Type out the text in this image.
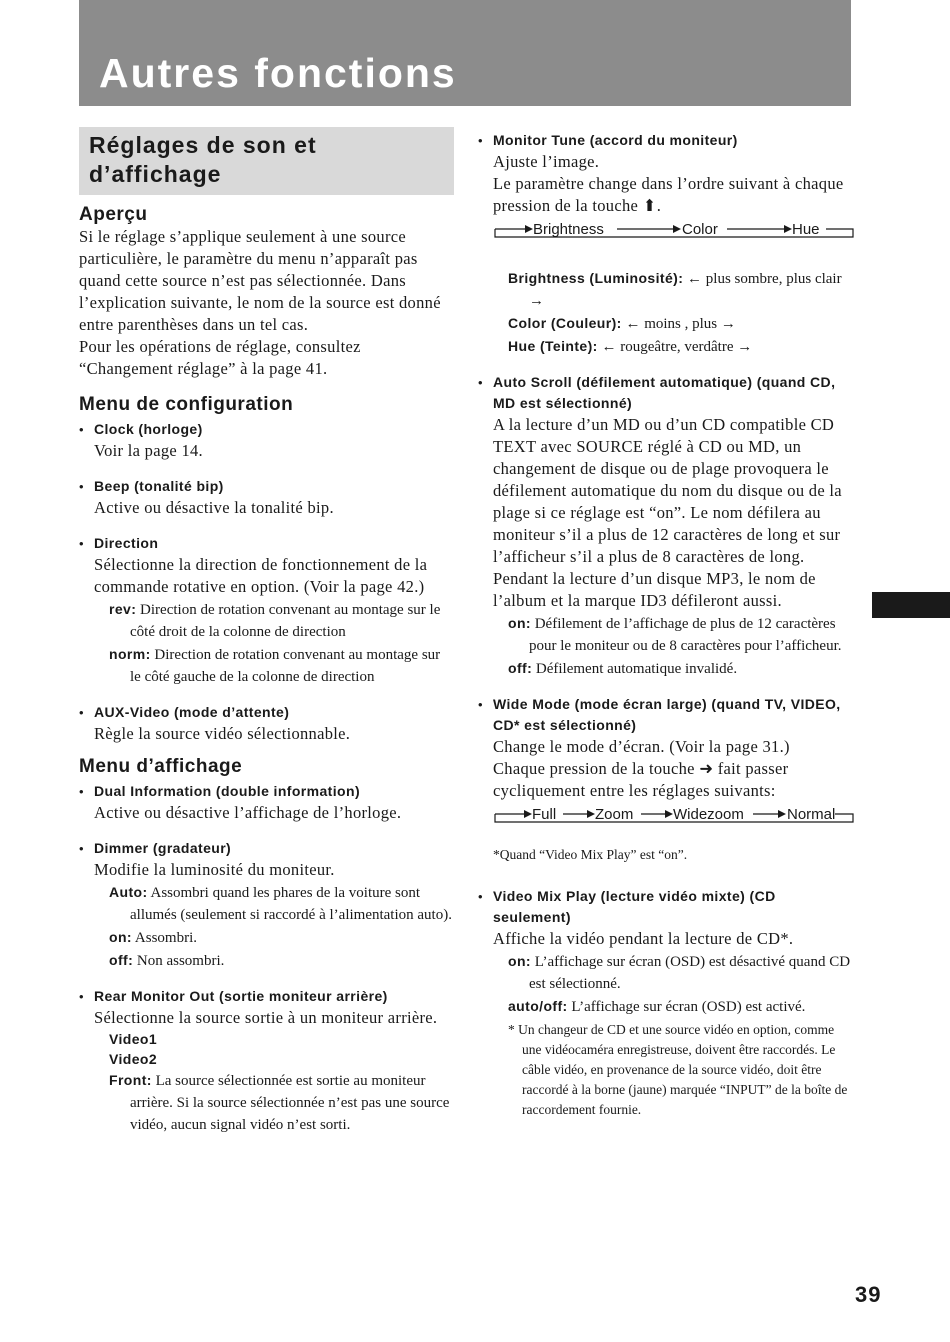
Autres fonctions
Réglages de son et d’affichage
Aperçu

Si le réglage s’applique seulement à une source particulière, le paramètre du menu n’apparaît pas quand cette source n’est pas sélectionnée. Dans l’explication suivante, le nom de la source est donné entre parenthèses dans un tel cas.

Pour les opérations de réglage, consultez “Changement réglage” à la page 41.

Menu de configuration
• Clock (horloge)

Voir la page 14.

• Beep (tonalité bip)

Active ou désactive la tonalité bip.

• Direction

Sélectionne la direction de fonctionnement de la commande rotative en option. (Voir la page 42.)

rev: Direction de rotation convenant au montage sur le côté droit de la colonne de direction
norm: Direction de rotation convenant au montage sur le côté gauche de la colonne de direction
• AUX-Video (mode d’attente)

Règle la source vidéo sélectionnable.

Menu d’affichage
• Dual Information (double information)

Active ou désactive l’affichage de l’horloge.

• Dimmer (gradateur)

Modifie la luminosité du moniteur.

Auto: Assombri quand les phares de la voiture sont allumés (seulement si raccordé à l’alimentation auto).
on: Assombri.
off: Non assombri.
• Rear Monitor Out (sortie moniteur arrière)

Sélectionne la source sortie à un moniteur arrière.

Video1
Video2
Front: La source sélectionnée est sortie au moniteur arrière. Si la source sélectionnée n’est pas une source vidéo, aucun signal vidéo n’est sorti.
• Monitor Tune (accord du moniteur)

Ajuste l’image.

Le paramètre change dans l’ordre suivant à chaque pression de la touche ⬆.

Brightness	Color	Hue
Brightness (Luminosité): ← plus sombre, plus clair →
Color (Couleur): ← moins , plus →
Hue (Teinte): ← rougeâtre, verdâtre →
• Auto Scroll (défilement automatique) (quand CD, MD est sélectionné)

A la lecture d’un MD ou d’un CD compatible CD TEXT avec SOURCE réglé à CD ou MD, un changement de disque ou de plage provoquera le défilement automatique du nom du disque ou de la plage si ce réglage est “on”. Le nom défilera au moniteur s’il a plus de 12 caractères de long et sur l’afficheur s’il a plus de 8 caractères de long. Pendant la lecture d’un disque MP3, le nom de l’album et la marque ID3 défileront aussi.

on: Défilement de l’affichage de plus de 12 caractères pour le moniteur ou de 8 caractères pour l’afficheur.
off: Défilement automatique invalidé.
• Wide Mode (mode écran large) (quand TV, VIDEO, CD* est sélectionné)

Change le mode d’écran. (Voir la page 31.)

Chaque pression de la touche ➜ fait passer cycliquement entre les réglages suivants:

Full	Zoom	Widezoom	Normal
*Quand “Video Mix Play” est “on”.
• Video Mix Play (lecture vidéo mixte) (CD seulement)

Affiche la vidéo pendant la lecture de CD*.

on: L’affichage sur écran (OSD) est désactivé quand CD est sélectionné.
auto/off: L’affichage sur écran (OSD) est activé.
* Un changeur de CD et une source vidéo en option, comme une vidéocaméra enregistreuse, doivent être raccordés. Le câble vidéo, en provenance de la source vidéo, doit être raccordé à la borne (jaune) marquée “INPUT” de la boîte de raccordement fournie.
39
